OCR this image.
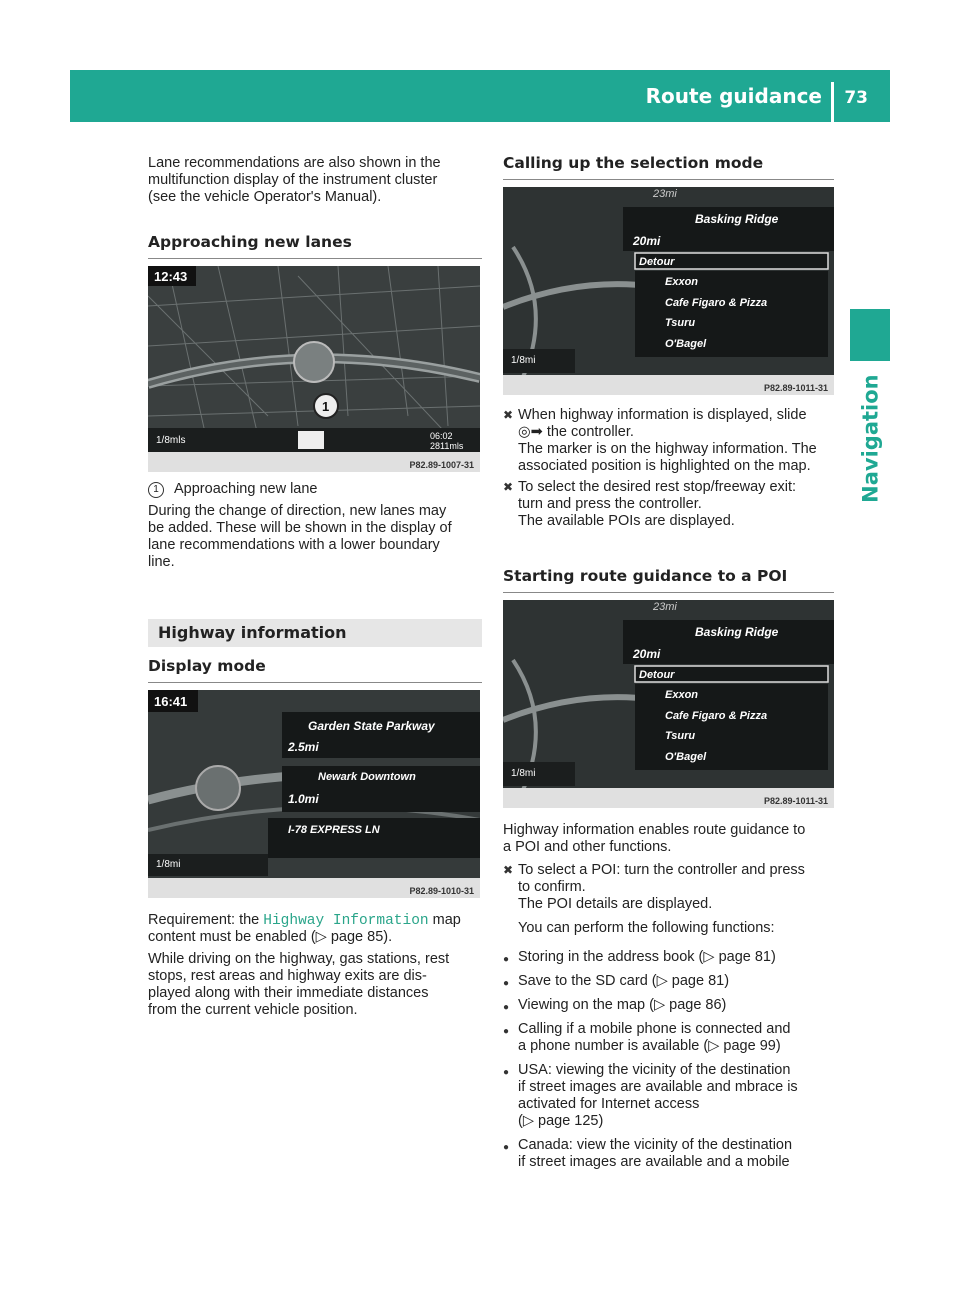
Route guidance 73
Navigation
Lane recommendations are also shown in the
multifunction display of the instrument cluster
(see the vehicle Operator's Manual).
Approaching new lanes
12:43
1
1/8mls	06:02
2811mls
P82.89-1007-31
1	Approaching new lane
During the change of direction, new lanes may
be added. These will be shown in the display of
lane recommendations with a lower boundary
line.
Highway information
Display mode
16:41
Garden State Parkway
2.5mi
Newark Downtown
1.0mi
I-78 EXPRESS LN
1/8mi
P82.89-1010-31
Requirement: the Highway Information map
content must be enabled (▷ page 85).
While driving on the highway, gas stations, rest
stops, rest areas and highway exits are dis-
played along with their immediate distances
from the current vehicle position.
Calling up the selection mode
23mi
Basking Ridge
20mi
Detour
Exxon
Cafe Figaro & Pizza
Tsuru
O'Bagel
1/8mi
P82.89-1011-31
✖ When highway information is displayed, slide
◎➡ the controller.
The marker is on the highway information. The
associated position is highlighted on the map.
✖ To select the desired rest stop/freeway exit:
turn and press the controller.
The available POIs are displayed.
Starting route guidance to a POI
23mi
Basking Ridge
20mi
Detour
Exxon
Cafe Figaro & Pizza
Tsuru
O'Bagel
1/8mi
P82.89-1011-31
Highway information enables route guidance to
a POI and other functions.
✖ To select a POI: turn the controller and press
to confirm.
The POI details are displayed.
You can perform the following functions:
● Storing in the address book (▷ page 81)
● Save to the SD card (▷ page 81)
● Viewing on the map (▷ page 86)
● Calling if a mobile phone is connected and
a phone number is available (▷ page 99)
● USA: viewing the vicinity of the destination
if street images are available and mbrace is
activated for Internet access
(▷ page 125)
● Canada: view the vicinity of the destination
if street images are available and a mobile
